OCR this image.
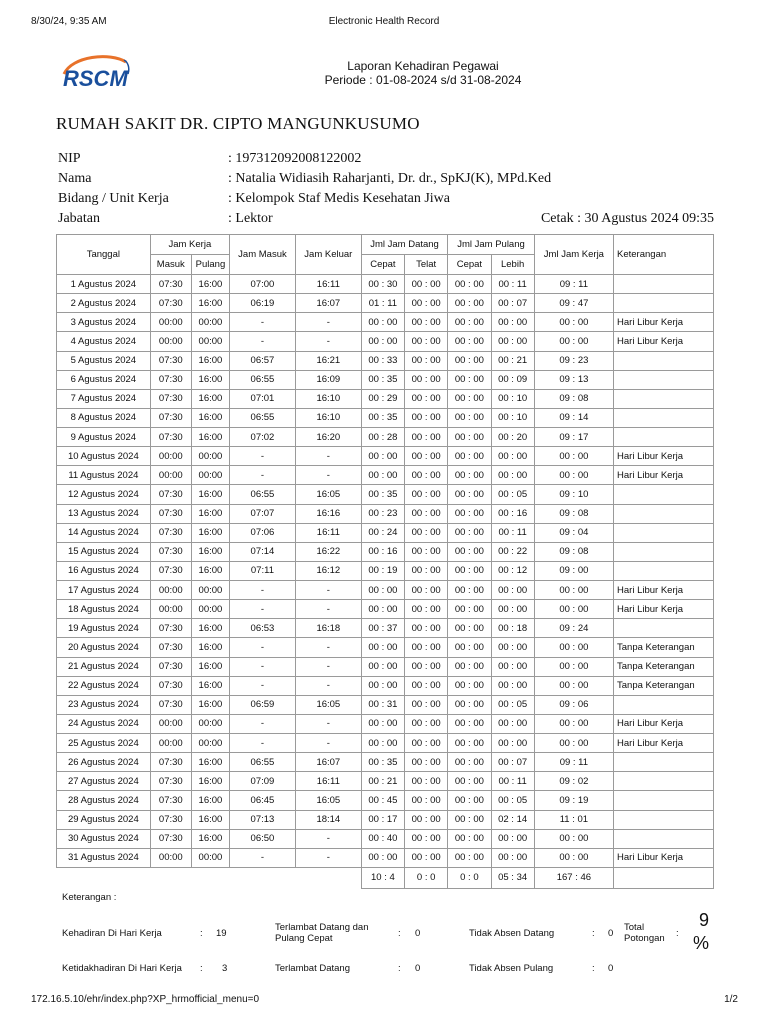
8/30/24, 9:35 AM	Electronic Health Record
RSCM	Laporan Kehadiran Pegawai
Periode : 01-08-2024 s/d 31-08-2024
RUMAH SAKIT DR. CIPTO MANGUNKUSUMO
NIP	: 197312092008122002
Nama	: Natalia Widiasih Raharjanti, Dr. dr., SpKJ(K), MPd.Ked
Bidang / Unit Kerja	: Kelompok Staf Medis Kesehatan Jiwa
Jabatan	: Lektor	Cetak : 30 Agustus 2024 09:35
Tanggal	Jam Kerja		Jam Masuk	Jam Keluar	Jml Jam Datang		Jml Jam Pulang		Jml Jam Kerja	Keterangan
	Masuk	Pulang			Cepat	Telat	Cepat	Lebih		
1 Agustus 2024	07:30	16:00	07:00	16:11	00 : 30	00 : 00	00 : 00	00 : 11	09 : 11	
2 Agustus 2024	07:30	16:00	06:19	16:07	01 : 11	00 : 00	00 : 00	00 : 07	09 : 47	
3 Agustus 2024	00:00	00:00	-	-	00 : 00	00 : 00	00 : 00	00 : 00	00 : 00	Hari Libur Kerja
4 Agustus 2024	00:00	00:00	-	-	00 : 00	00 : 00	00 : 00	00 : 00	00 : 00	Hari Libur Kerja
5 Agustus 2024	07:30	16:00	06:57	16:21	00 : 33	00 : 00	00 : 00	00 : 21	09 : 23	
6 Agustus 2024	07:30	16:00	06:55	16:09	00 : 35	00 : 00	00 : 00	00 : 09	09 : 13	
7 Agustus 2024	07:30	16:00	07:01	16:10	00 : 29	00 : 00	00 : 00	00 : 10	09 : 08	
8 Agustus 2024	07:30	16:00	06:55	16:10	00 : 35	00 : 00	00 : 00	00 : 10	09 : 14	
9 Agustus 2024	07:30	16:00	07:02	16:20	00 : 28	00 : 00	00 : 00	00 : 20	09 : 17	
10 Agustus 2024	00:00	00:00	-	-	00 : 00	00 : 00	00 : 00	00 : 00	00 : 00	Hari Libur Kerja
11 Agustus 2024	00:00	00:00	-	-	00 : 00	00 : 00	00 : 00	00 : 00	00 : 00	Hari Libur Kerja
12 Agustus 2024	07:30	16:00	06:55	16:05	00 : 35	00 : 00	00 : 00	00 : 05	09 : 10	
13 Agustus 2024	07:30	16:00	07:07	16:16	00 : 23	00 : 00	00 : 00	00 : 16	09 : 08	
14 Agustus 2024	07:30	16:00	07:06	16:11	00 : 24	00 : 00	00 : 00	00 : 11	09 : 04	
15 Agustus 2024	07:30	16:00	07:14	16:22	00 : 16	00 : 00	00 : 00	00 : 22	09 : 08	
16 Agustus 2024	07:30	16:00	07:11	16:12	00 : 19	00 : 00	00 : 00	00 : 12	09 : 00	
17 Agustus 2024	00:00	00:00	-	-	00 : 00	00 : 00	00 : 00	00 : 00	00 : 00	Hari Libur Kerja
18 Agustus 2024	00:00	00:00	-	-	00 : 00	00 : 00	00 : 00	00 : 00	00 : 00	Hari Libur Kerja
19 Agustus 2024	07:30	16:00	06:53	16:18	00 : 37	00 : 00	00 : 00	00 : 18	09 : 24	
20 Agustus 2024	07:30	16:00	-	-	00 : 00	00 : 00	00 : 00	00 : 00	00 : 00	Tanpa Keterangan
21 Agustus 2024	07:30	16:00	-	-	00 : 00	00 : 00	00 : 00	00 : 00	00 : 00	Tanpa Keterangan
22 Agustus 2024	07:30	16:00	-	-	00 : 00	00 : 00	00 : 00	00 : 00	00 : 00	Tanpa Keterangan
23 Agustus 2024	07:30	16:00	06:59	16:05	00 : 31	00 : 00	00 : 00	00 : 05	09 : 06	
24 Agustus 2024	00:00	00:00	-	-	00 : 00	00 : 00	00 : 00	00 : 00	00 : 00	Hari Libur Kerja
25 Agustus 2024	00:00	00:00	-	-	00 : 00	00 : 00	00 : 00	00 : 00	00 : 00	Hari Libur Kerja
26 Agustus 2024	07:30	16:00	06:55	16:07	00 : 35	00 : 00	00 : 00	00 : 07	09 : 11	
27 Agustus 2024	07:30	16:00	07:09	16:11	00 : 21	00 : 00	00 : 00	00 : 11	09 : 02	
28 Agustus 2024	07:30	16:00	06:45	16:05	00 : 45	00 : 00	00 : 00	00 : 05	09 : 19	
29 Agustus 2024	07:30	16:00	07:13	18:14	00 : 17	00 : 00	00 : 00	02 : 14	11 : 01	
30 Agustus 2024	07:30	16:00	06:50	-	00 : 40	00 : 00	00 : 00	00 : 00	00 : 00	
31 Agustus 2024	00:00	00:00	-	-	00 : 00	00 : 00	00 : 00	00 : 00	00 : 00	Hari Libur Kerja
					10 : 4	0 : 0	0 : 0	05 : 34	167 : 46	
Keterangan :
Kehadiran Di Hari Kerja	: 19
Ketidakhadiran Di Hari Kerja : 3
Terlambat Datang dan
Pulang Cepat	: 0
Terlambat Datang	: 0
Tidak Absen Datang	: 0
Tidak Absen Pulang	: 0
Total
Potongan :
9
%
172.16.5.10/ehr/index.php?XP_hrmofficial_menu=0	1/2
